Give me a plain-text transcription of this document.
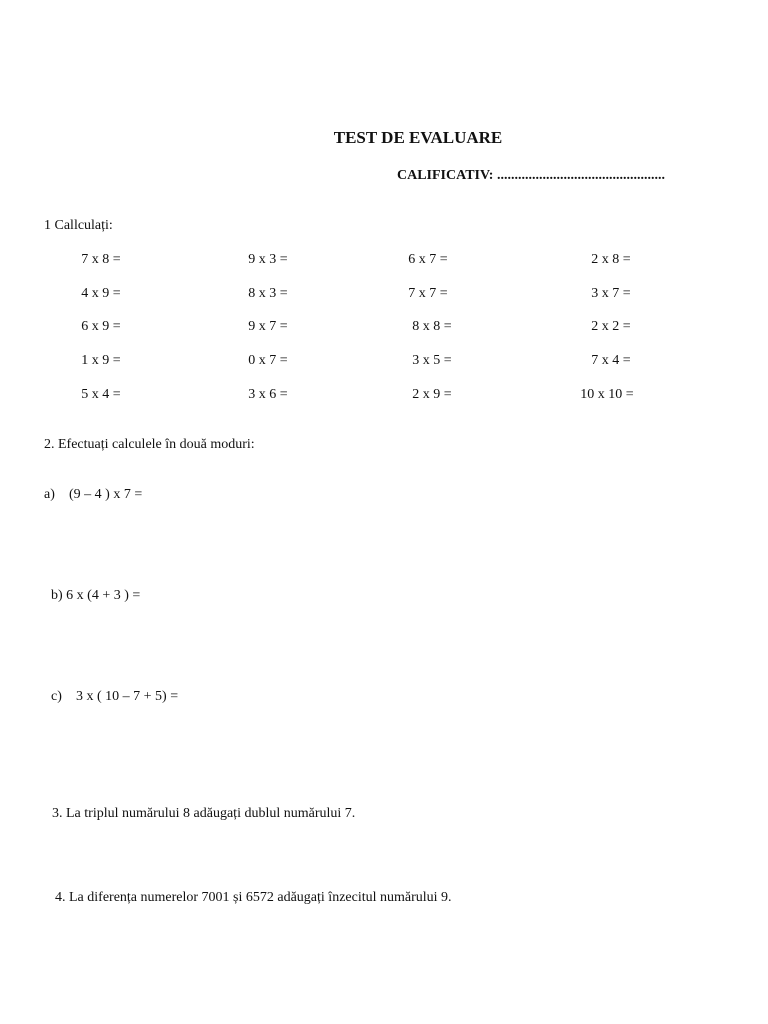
TEST DE EVALUARE
CALIFICATIV: ................................................
1 Callculați:
7 x 8 =	9 x 3 =	6 x 7 =	2 x 8 =
4 x 9 =	8 x 3 =	7 x 7 =	3 x 7 =
6 x 9 =	9 x 7 =	8 x 8 =	2 x 2 =
1 x 9 =	0 x 7 =	3 x 5 =	7 x 4 =
5 x 4 =	3 x 6 =	2 x 9 =	10 x 10 =
2. Efectuați calculele în două moduri:
a) (9 – 4 ) x 7 =
b) 6 x (4 + 3 ) =
c) 3 x ( 10 – 7 + 5) =
3. La triplul numărului 8 adăugați dublul numărului 7.
4. La diferența numerelor 7001 și 6572 adăugați înzecitul numărului 9.
